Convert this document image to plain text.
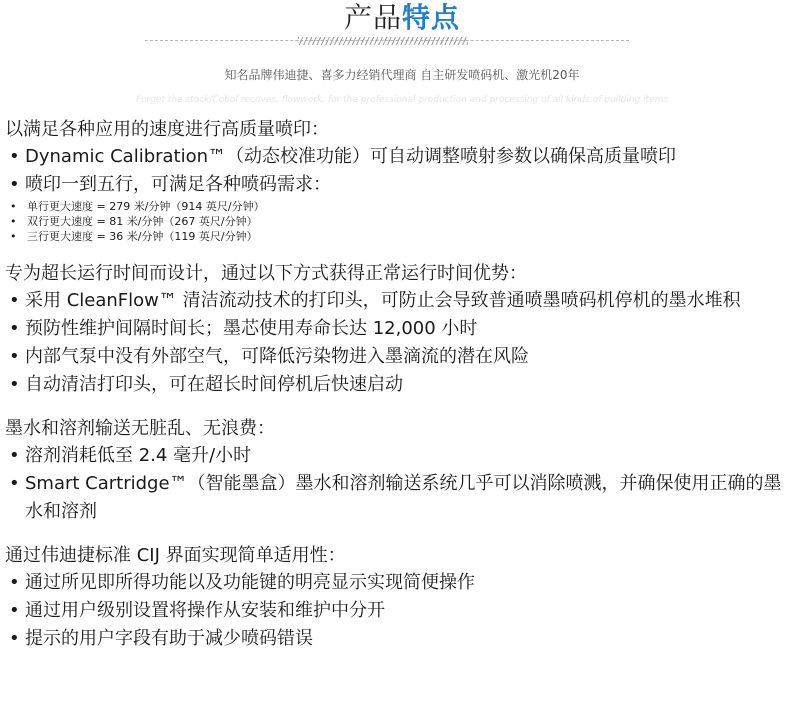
产品特点
知名品牌伟迪捷、喜多力经销代理商 自主研发喷码机、激光机20年
Forget the stock/Cobol recoves, flowwork, for the professional production and processing of all kinds of building items
以满足各种应用的速度进行高质量喷印：
• Dynamic Calibration™（动态校准功能）可自动调整喷射参数以确保高质量喷印
• 喷印一到五行，可满足各种喷码需求：
• 单行更大速度 = 279 米/分钟（914 英尺/分钟）
• 双行更大速度 = 81 米/分钟（267 英尺/分钟）
• 三行更大速度 = 36 米/分钟（119 英尺/分钟）
专为超长运行时间而设计，通过以下方式获得正常运行时间优势：
• 采用 CleanFlow™ 清洁流动技术的打印头，可防止会导致普通喷墨喷码机停机的墨水堆积
• 预防性维护间隔时间长；墨芯使用寿命长达 12,000 小时
• 内部气泵中没有外部空气，可降低污染物进入墨滴流的潜在风险
• 自动清洁打印头，可在超长时间停机后快速启动
墨水和溶剂输送无脏乱、无浪费：
• 溶剂消耗低至 2.4 毫升/小时
• Smart Cartridge™（智能墨盒）墨水和溶剂输送系统几乎可以消除喷溅，并确保使用正确的墨水和溶剂
通过伟迪捷标准 CIJ 界面实现简单适用性：
• 通过所见即所得功能以及功能键的明亮显示实现简便操作
• 通过用户级别设置将操作从安装和维护中分开
• 提示的用户字段有助于减少喷码错误
